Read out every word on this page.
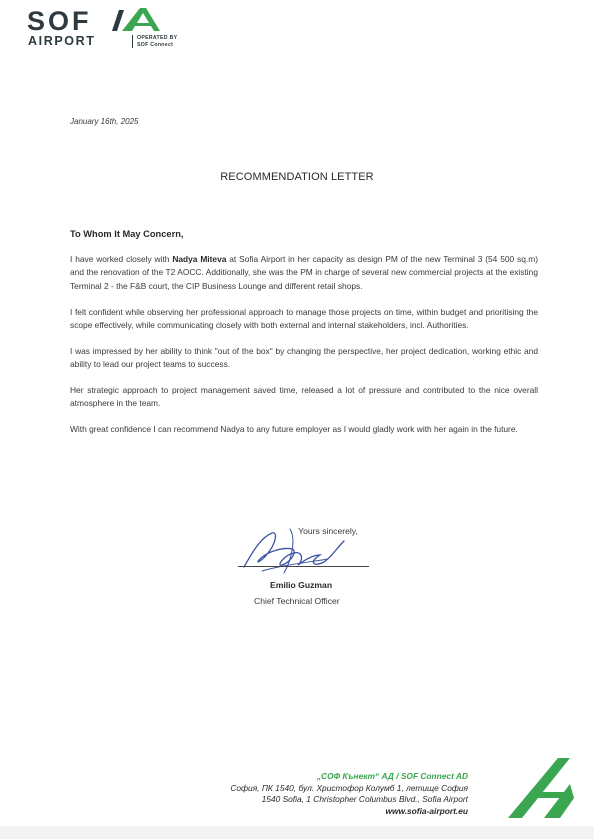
SOF
AIRPORT	OPERATED BY
SOF Connect
January 16th, 2025
RECOMMENDATION LETTER
To Whom It May Concern,

I have worked closely with Nadya Miteva at Sofia Airport in her capacity as design PM of the new Terminal 3 (54 500 sq.m) and the renovation of the T2 AOCC. Additionally, she was the PM in charge of several new commercial projects at the existing Terminal 2 - the F&B court, the CIP Business Lounge and different retail shops.

I felt confident while observing her professional approach to manage those projects on time, within budget and prioritising the scope effectively, while communicating closely with both external and internal stakeholders, incl. Authorities.

I was impressed by her ability to think "out of the box" by changing the perspective, her project dedication, working ethic and ability to lead our project teams to success.

Her strategic approach to project management saved time, released a lot of pressure and contributed to the nice overall atmosphere in the team.

With great confidence I can recommend Nadya to any future employer as I would gladly work with her again in the future.

Yours sincerely,
Emilio Guzman
Chief Technical Officer
„СОФ Кънект“ АД / SOF Connect AD
София, ПК 1540, бул. Христофор Колумб 1, летище София
1540 Sofia, 1 Christopher Columbus Blvd., Sofia Airport
www.sofia-airport.eu
